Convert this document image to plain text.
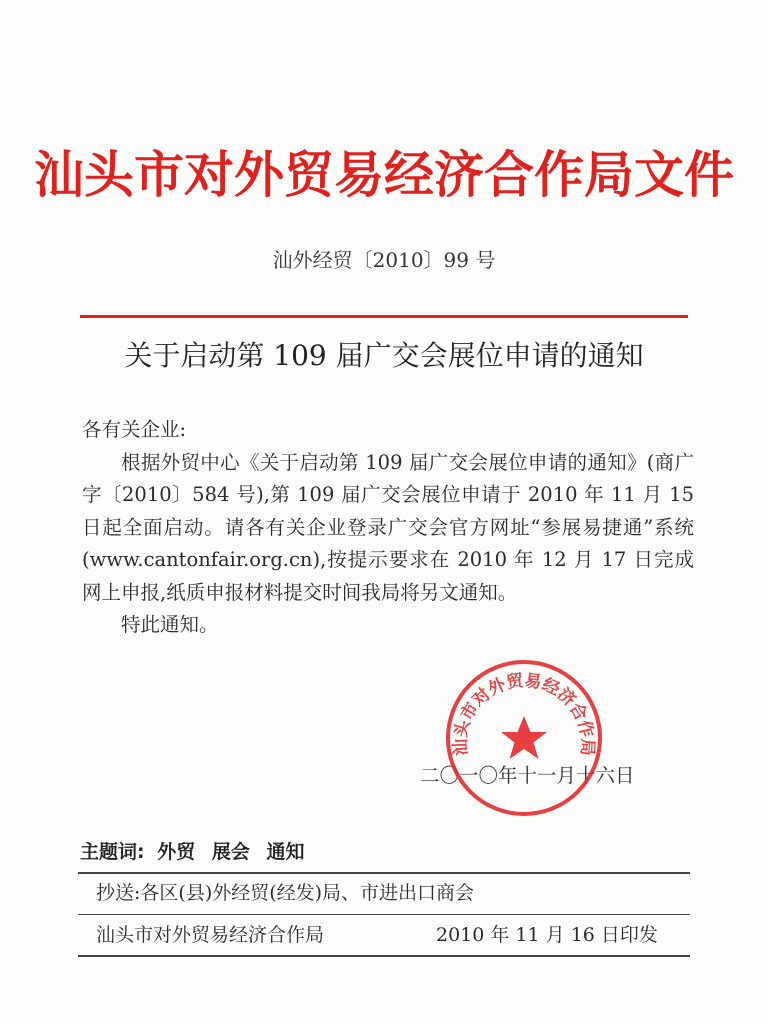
汕头市对外贸易经济合作局文件
汕外经贸〔2010〕99 号
关于启动第 109 届广交会展位申请的通知

各有关企业:

根据外贸中心《关于启动第 109 届广交会展位申请的通知》(商广字〔2010〕584 号),第 109 届广交会展位申请于 2010 年 11 月 15 日起全面启动。请各有关企业登录广交会官方网址“参展易捷通”系统(www.cantonfair.org.cn),按提示要求在 2010 年 12 月 17 日完成网上申报,纸质申报材料提交时间我局将另文通知。

特此通知。

二〇一〇年十一月十六日
汕头市对外贸易经济合作局
主题词: 外贸 展会 通知
抄送:各区(县)外经贸(经发)局、市进出口商会
汕头市对外贸易经济合作局	2010 年 11 月 16 日印发
